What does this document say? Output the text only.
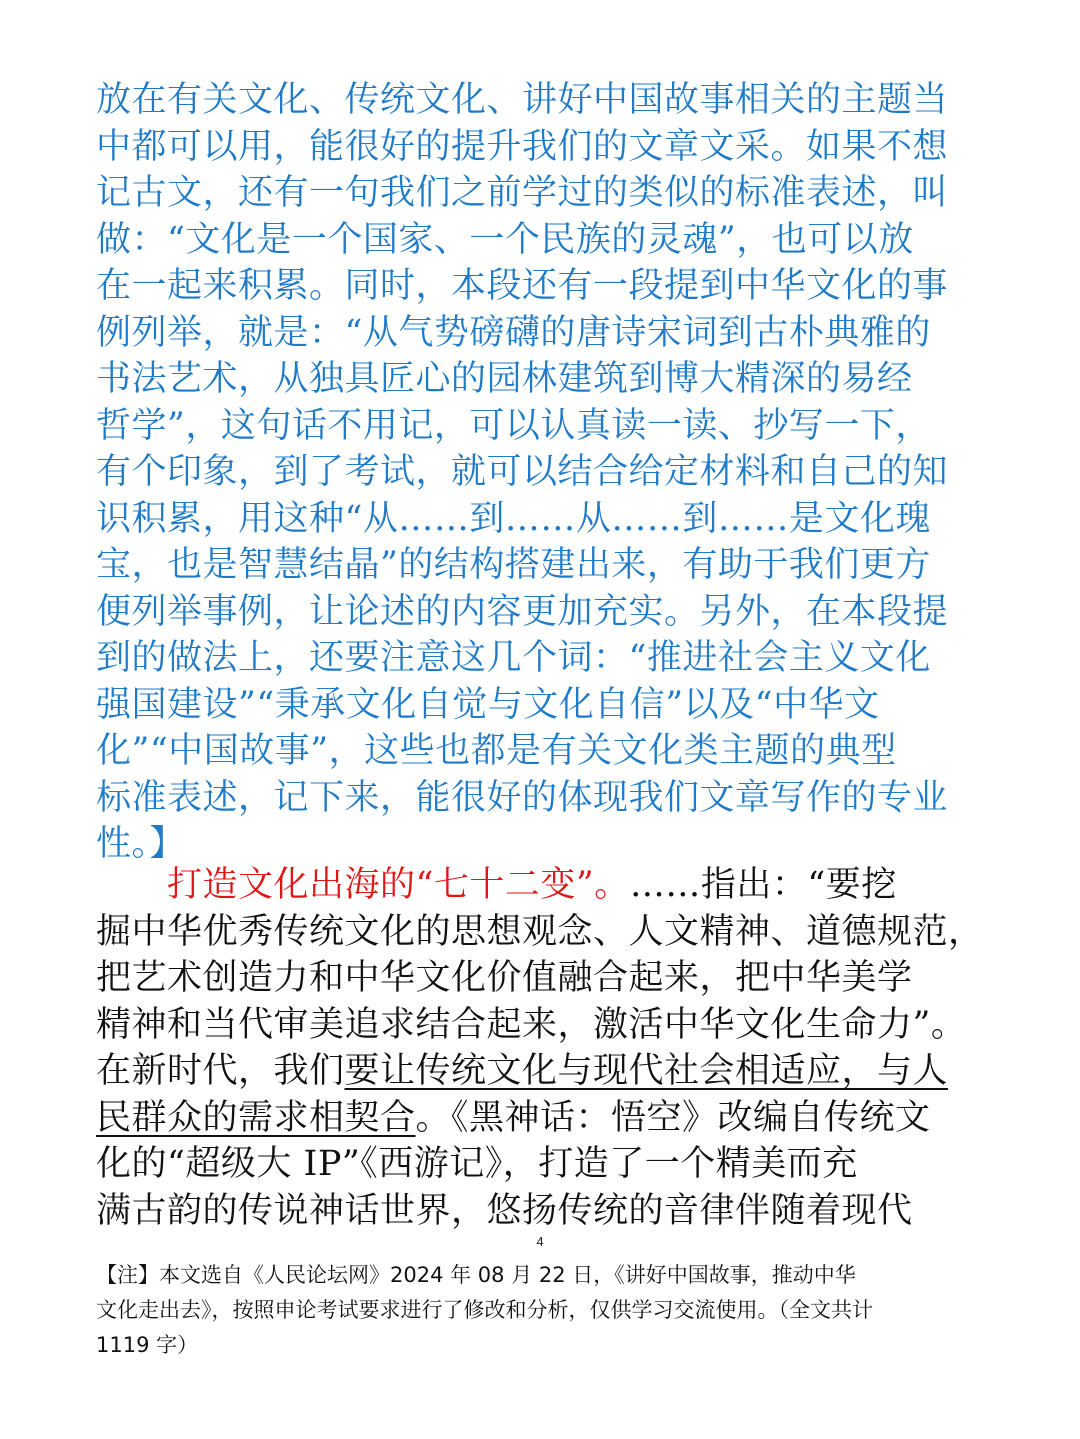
放在有关文化、传统文化、讲好中国故事相关的主题当
中都可以用，能很好的提升我们的文章文采。如果不想
记古文，还有一句我们之前学过的类似的标准表述，叫
做：“文化是一个国家、一个民族的灵魂”，也可以放
在一起来积累。同时，本段还有一段提到中华文化的事
例列举，就是：“从气势磅礴的唐诗宋词到古朴典雅的
书法艺术，从独具匠心的园林建筑到博大精深的易经
哲学”，这句话不用记，可以认真读一读、抄写一下，
有个印象，到了考试，就可以结合给定材料和自己的知
识积累，用这种“从……到……从……到……是文化瑰
宝，也是智慧结晶”的结构搭建出来，有助于我们更方
便列举事例，让论述的内容更加充实。另外，在本段提
到的做法上，还要注意这几个词：“推进社会主义文化
强国建设”“秉承文化自觉与文化自信”以及“中华文
化”“中国故事”，这些也都是有关文化类主题的典型
标准表述，记下来，能很好的体现我们文章写作的专业
性。】
　　打造文化出海的“七十二变”。……指出：“要挖
掘中华优秀传统文化的思想观念、人文精神、道德规范，
把艺术创造力和中华文化价值融合起来，把中华美学
精神和当代审美追求结合起来，激活中华文化生命力”。
在新时代，我们要让传统文化与现代社会相适应，与人
民群众的需求相契合。《黑神话：悟空》改编自传统文
化的“超级大 IP”《西游记》，打造了一个精美而充
满古韵的传说神话世界，悠扬传统的音律伴随着现代
4
【注】本文选自《人民论坛网》2024 年 08 月 22 日，《讲好中国故事，推动中华
文化走出去》，按照申论考试要求进行了修改和分析，仅供学习交流使用。（全文共计
1119 字）
